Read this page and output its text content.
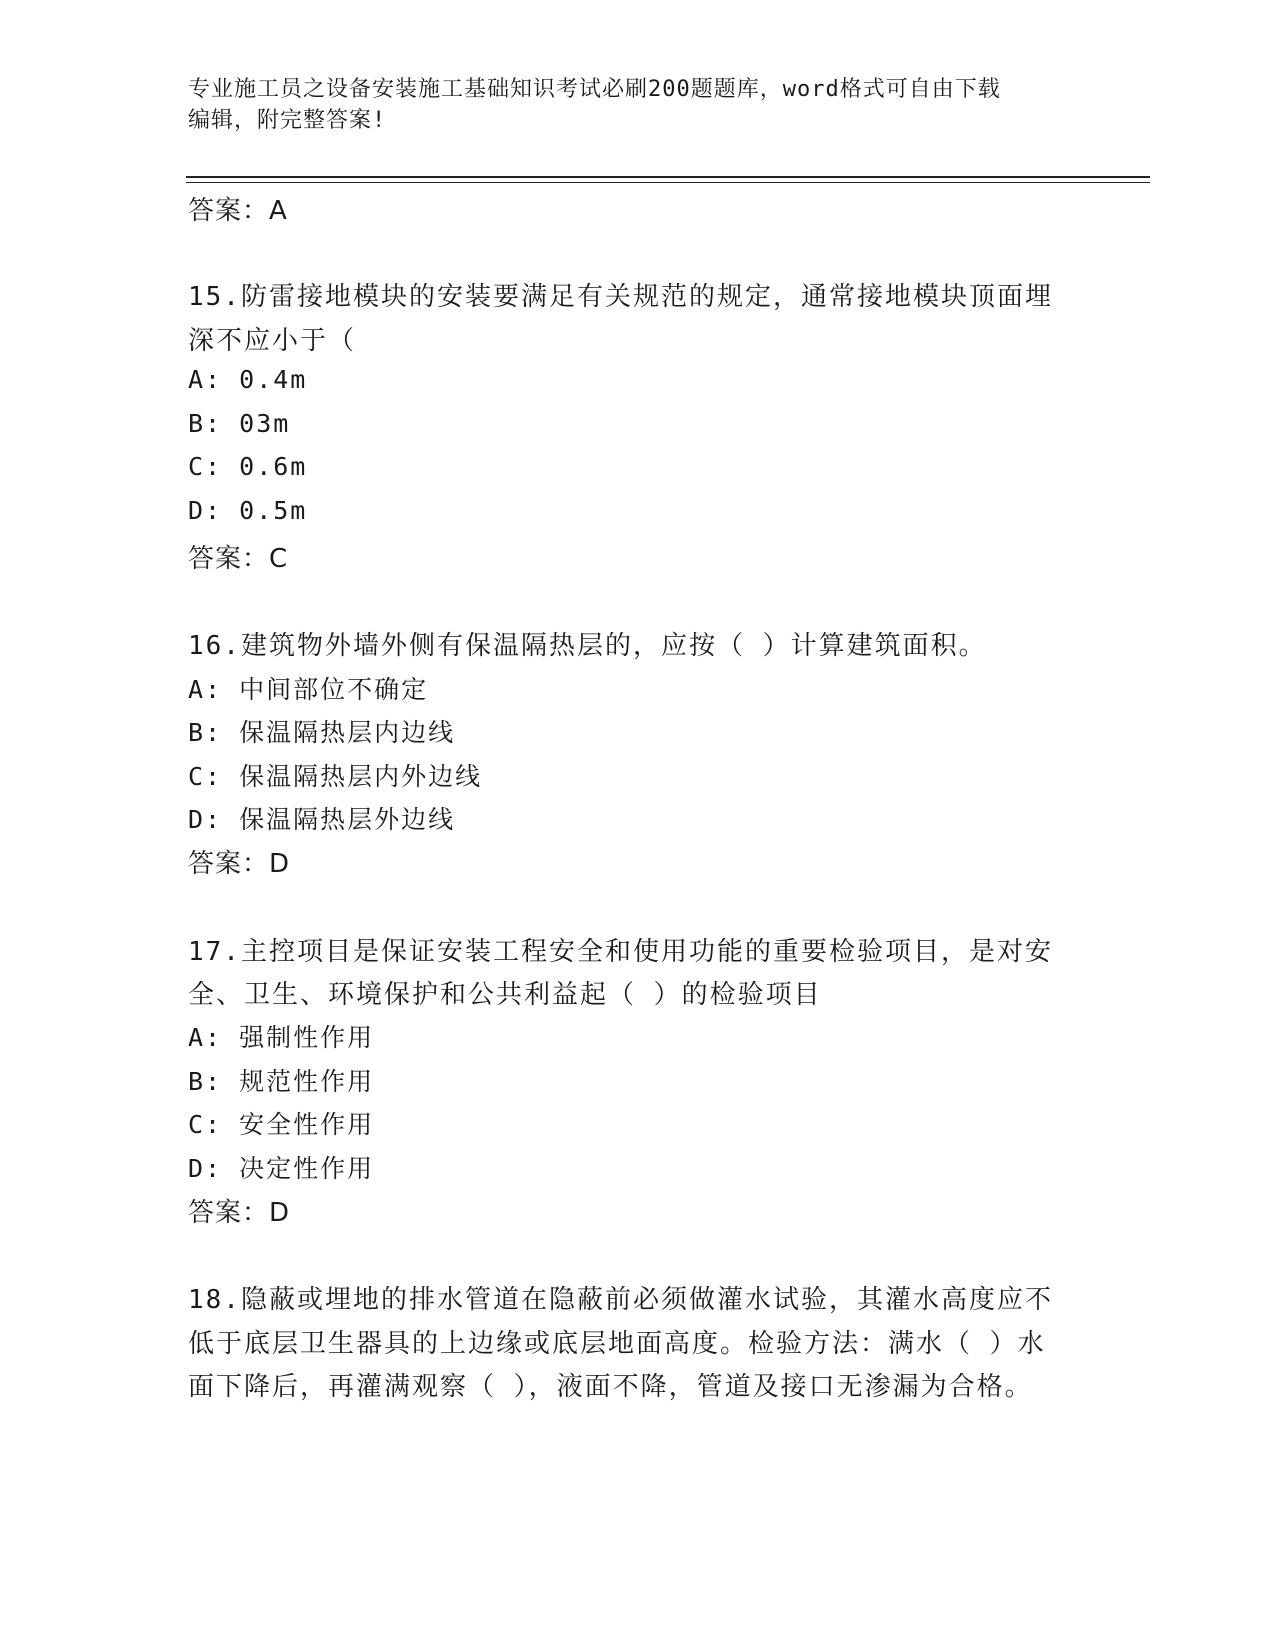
专业施工员之设备安装施工基础知识考试必刷200题题库，word格式可自由下载
编辑，附完整答案!
答案：A
15.防雷接地模块的安装要满足有关规范的规定，通常接地模块顶面埋
深不应小于（
A: 0.4m
B: 03m
C: 0.6m
D: 0.5m
答案：C
16.建筑物外墙外侧有保温隔热层的，应按（ ）计算建筑面积。
A: 中间部位不确定
B: 保温隔热层内边线
C: 保温隔热层内外边线
D: 保温隔热层外边线
答案：D
17.主控项目是保证安装工程安全和使用功能的重要检验项目，是对安
全、卫生、环境保护和公共利益起（ ）的检验项目
A: 强制性作用
B: 规范性作用
C: 安全性作用
D: 决定性作用
答案：D
18.隐蔽或埋地的排水管道在隐蔽前必须做灌水试验，其灌水高度应不
低于底层卫生器具的上边缘或底层地面高度。检验方法：满水（ ）水
面下降后，再灌满观察（ ），液面不降，管道及接口无渗漏为合格。
